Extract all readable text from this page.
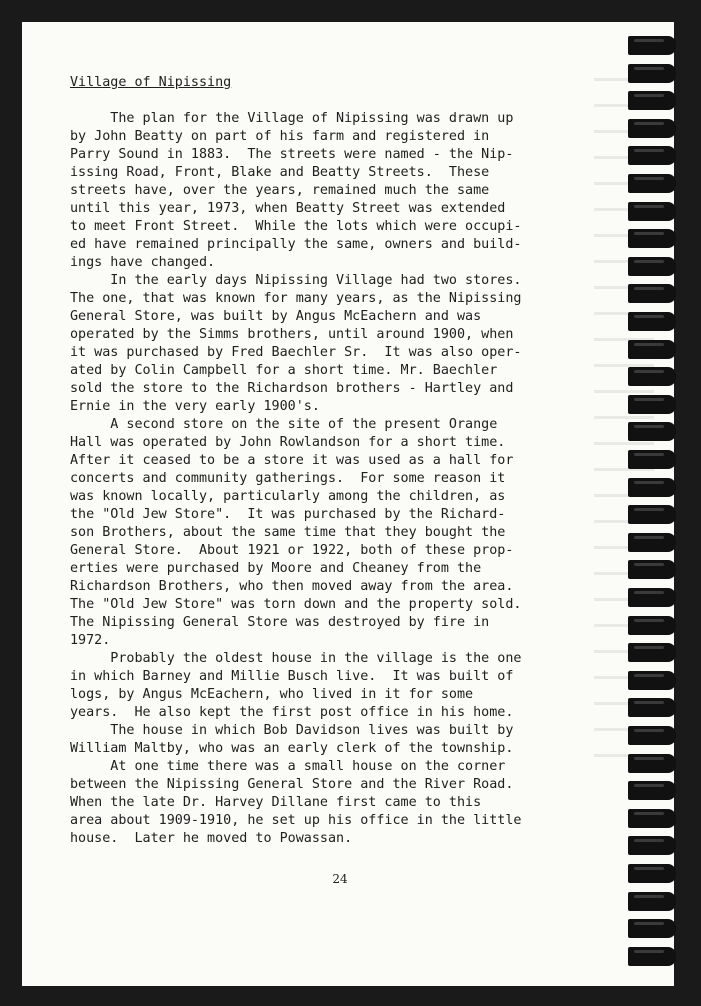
Village of Nipissing
The plan for the Village of Nipissing was drawn up
by John Beatty on part of his farm and registered in
Parry Sound in 1883.  The streets were named - the Nip-
issing Road, Front, Blake and Beatty Streets.  These
streets have, over the years, remained much the same
until this year, 1973, when Beatty Street was extended
to meet Front Street.  While the lots which were occupi-
ed have remained principally the same, owners and build-
ings have changed.
In the early days Nipissing Village had two stores.
The one, that was known for many years, as the Nipissing
General Store, was built by Angus McEachern and was
operated by the Simms brothers, until around 1900, when
it was purchased by Fred Baechler Sr.  It was also oper-
ated by Colin Campbell for a short time. Mr. Baechler
sold the store to the Richardson brothers - Hartley and
Ernie in the very early 1900's.
A second store on the site of the present Orange
Hall was operated by John Rowlandson for a short time.
After it ceased to be a store it was used as a hall for
concerts and community gatherings.  For some reason it
was known locally, particularly among the children, as
the "Old Jew Store".  It was purchased by the Richard-
son Brothers, about the same time that they bought the
General Store.  About 1921 or 1922, both of these prop-
erties were purchased by Moore and Cheaney from the
Richardson Brothers, who then moved away from the area.
The "Old Jew Store" was torn down and the property sold.
The Nipissing General Store was destroyed by fire in
1972.
Probably the oldest house in the village is the one
in which Barney and Millie Busch live.  It was built of
logs, by Angus McEachern, who lived in it for some
years.  He also kept the first post office in his home.
The house in which Bob Davidson lives was built by
William Maltby, who was an early clerk of the township.
At one time there was a small house on the corner
between the Nipissing General Store and the River Road.
When the late Dr. Harvey Dillane first came to this
area about 1909-1910, he set up his office in the little
house.  Later he moved to Powassan.
24
